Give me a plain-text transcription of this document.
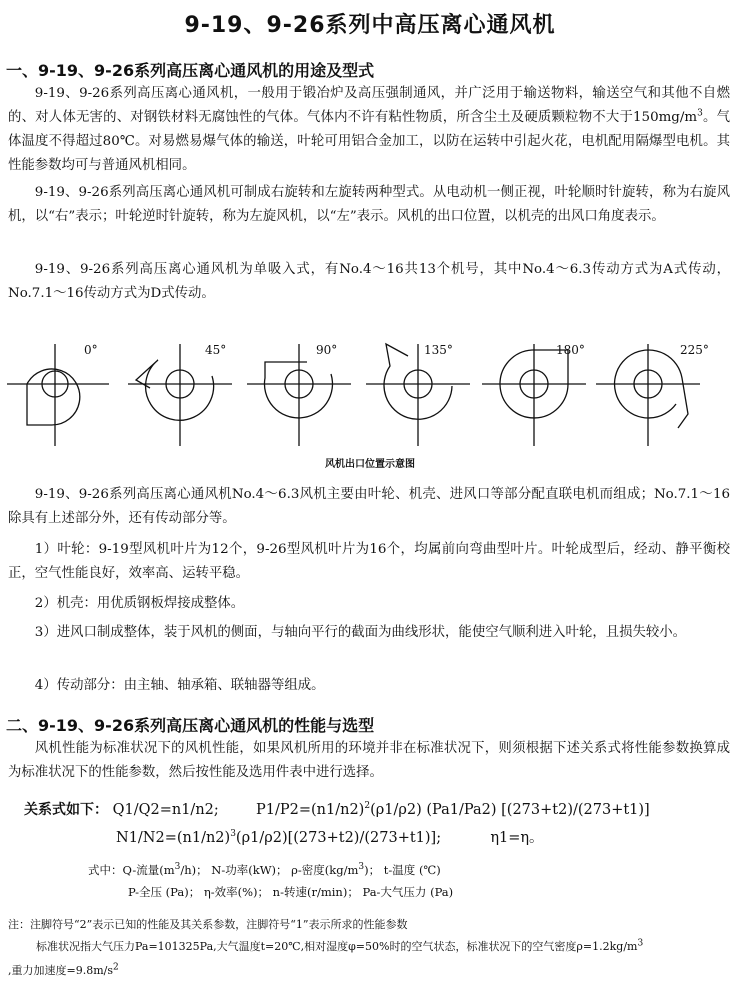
9-19、9-26系列中高压离心通风机
一、9-19、9-26系列高压离心通风机的用途及型式

9-19、9-26系列高压离心通风机，一般用于锻冶炉及高压强制通风，并广泛用于输送物料，输送空气和其他不自燃的、对人体无害的、对钢铁材料无腐蚀性的气体。气体内不许有粘性物质，所含尘土及硬质颗粒物不大于$150mg/m^3$。气体温度不得超过80℃。对易燃易爆气体的输送，叶轮可用铝合金加工，以防在运转中引起火花，电机配用隔爆型电机。其性能参数均可与普通风机相同。

9-19、9-26系列高压离心通风机可制成右旋转和左旋转两种型式。从电动机一侧正视，叶轮顺时针旋转，称为右旋风机，以“右”表示；叶轮逆时针旋转，称为左旋风机，以“左”表示。风机的出口位置，以机壳的出风口角度表示。

9-19、9-26系列高压离心通风机为单吸入式，有No.4～16共13个机号，其中No.4～6.3传动方式为A式传动，No.7.1～16传动方式为D式传动。

0°	45°	90°	135°	180°	225°
风机出口位置示意图

9-19、9-26系列高压离心通风机No.4～6.3风机主要由叶轮、机壳、进风口等部分配直联电机而组成；No.7.1～16除具有上述部分外，还有传动部分等。

1）叶轮：9-19型风机叶片为12个，9-26型风机叶片为16个，均属前向弯曲型叶片。叶轮成型后，经动、静平衡校正，空气性能良好，效率高、运转平稳。

2）机壳：用优质钢板焊接成整体。

3）进风口制成整体，装于风机的侧面，与轴向平行的截面为曲线形状，能使空气顺利进入叶轮，且损失较小。

4）传动部分：由主轴、轴承箱、联轴器等组成。

二、9-19、9-26系列高压离心通风机的性能与选型

风机性能为标准状况下的风机性能，如果风机所用的环境并非在标准状况下，则须根据下述关系式将性能参数换算成为标准状况下的性能参数，然后按性能及选用件表中进行选择。

关系式如下： Q1/Q2=n1/n2;	$P1/P2=(n1/n2)^2(\rho 1/\rho 2)$ (Pa1/Pa2) [(273+t2)/(273+t1)]
$N1/N2=(n1/n2)^3(\rho 1/\rho 2)[(273+t2)/(273+t1)]$;	η1=η。
式中：Q-流量$(m^3/h)$； N-功率(kW)； ρ-密度$(kg/m^3)$； t-温度 (℃)
P-全压 (Pa)； η-效率(%)； n-转速(r/min)； Pa-大气压力 (Pa)
注：注脚符号“2”表示已知的性能及其关系参数，注脚符号“1”表示所求的性能参数
标准状况指大气压力Pa=101325Pa,大气温度t=20℃,相对湿度φ=50%时的空气状态，标准状况下的空气密度$\rho=1.2kg/m^3$
,重力加速度$=9.8m/s^2$
